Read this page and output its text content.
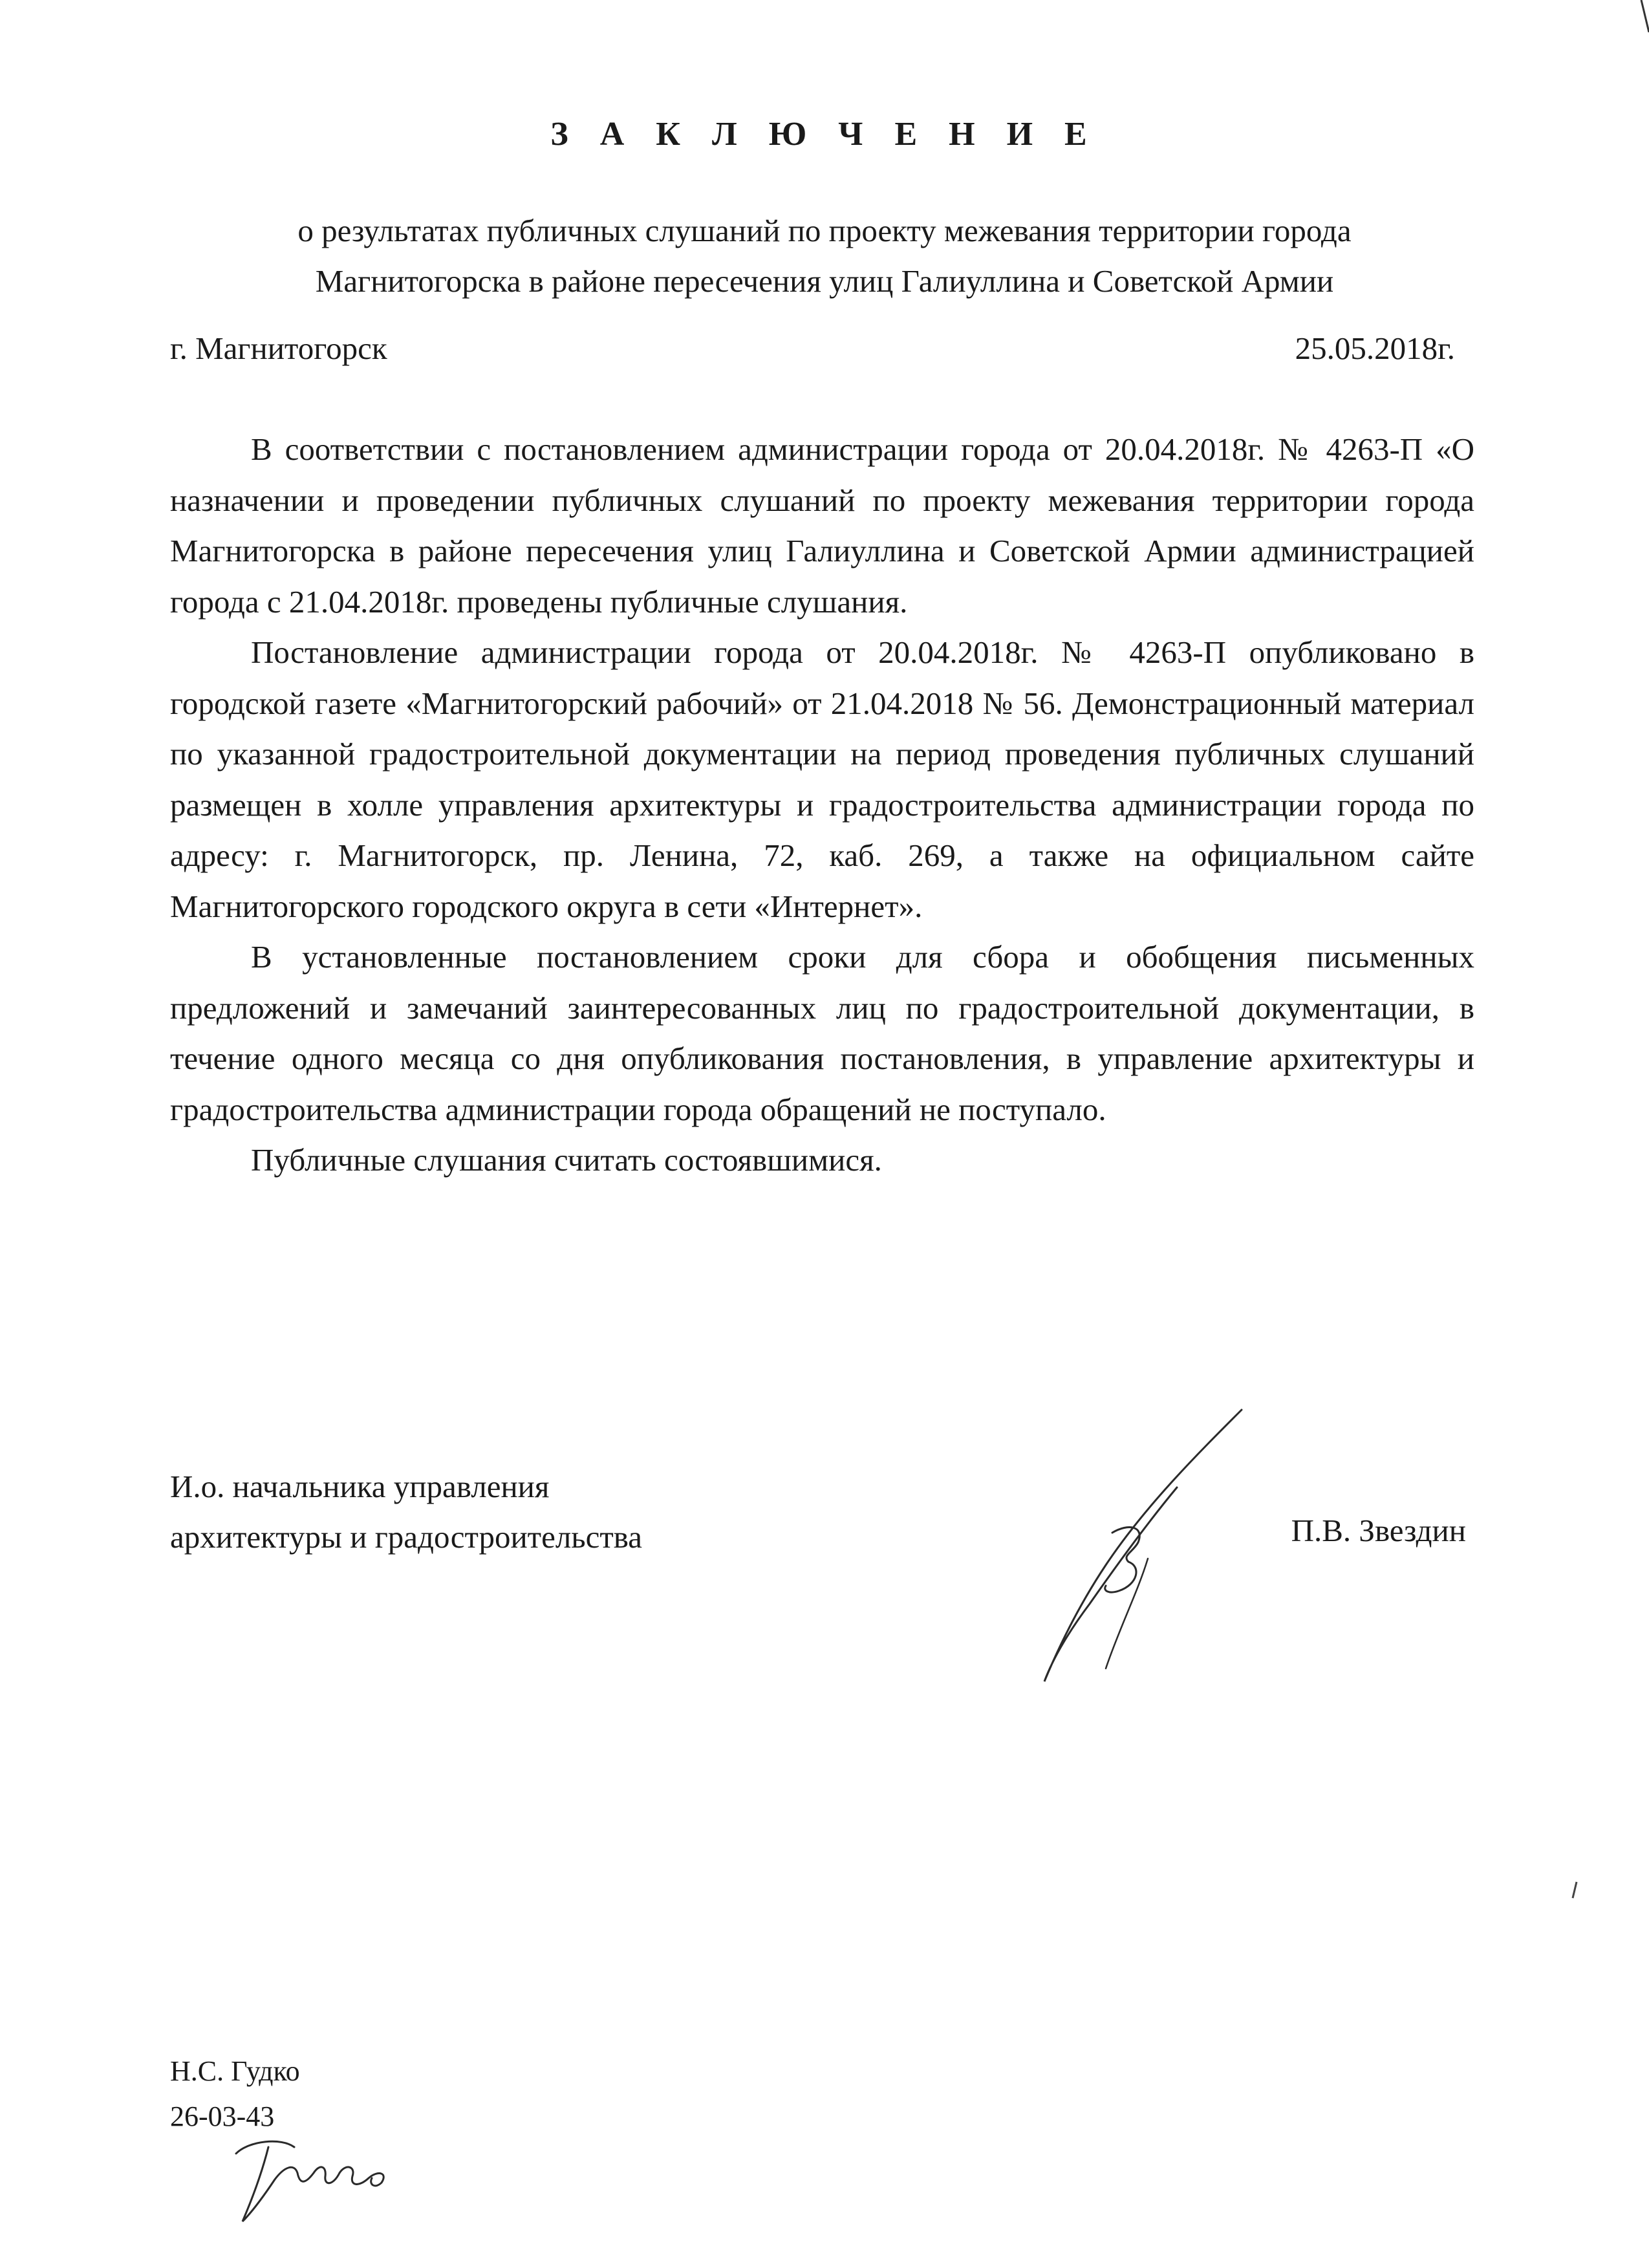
З А К Л Ю Ч Е Н И Е
о результатах публичных слушаний по проекту межевания территории города
Магнитогорска в районе пересечения улиц Галиуллина и Советской Армии
г. Магнитогорск	25.05.2018г.

В соответствии с постановлением администрации города от 20.04.2018г. № 4263-П «О назначении и проведении публичных слушаний по проекту межевания территории города Магнитогорска в районе пересечения улиц Галиуллина и Советской Армии администрацией города с 21.04.2018г. проведены публичные слушания.

Постановление администрации города от 20.04.2018г. № 4263-П опубликовано в городской газете «Магнитогорский рабочий» от 21.04.2018 № 56. Демонстрационный материал по указанной градостроительной документации на период проведения публичных слушаний размещен в холле управления архитектуры и градостроительства администрации города по адресу: г. Магнитогорск, пр. Ленина, 72, каб. 269, а также на официальном сайте Магнитогорского городского округа в сети «Интернет».

В установленные постановлением сроки для сбора и обобщения письменных предложений и замечаний заинтересованных лиц по градостроительной документации, в течение одного месяца со дня опубликования постановления, в управление архитектуры и градостроительства администрации города обращений не поступало.

Публичные слушания считать состоявшимися.

И.о. начальника управления
архитектуры и градостроительства	П.В. Звездин
Н.С. Гудко
26-03-43
